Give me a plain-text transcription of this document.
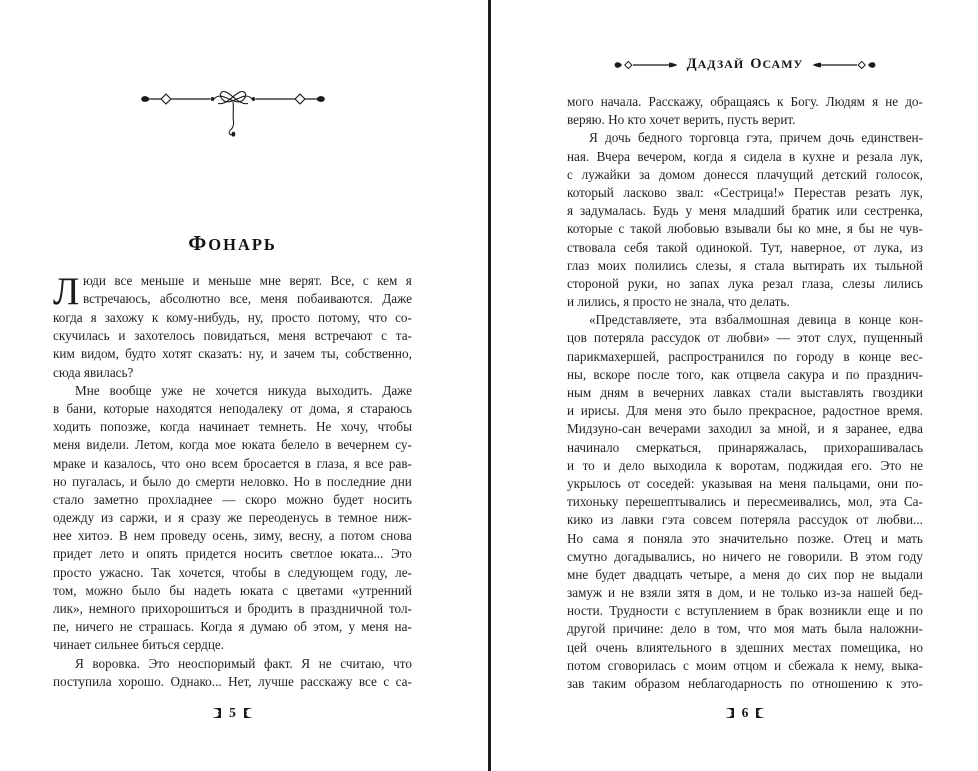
ФОНАРЬ
Л юди все меньше и меньше мне верят. Все, с кем я
встречаюсь, абсолютно все, меня побаиваются. Даже
когда я захожу к кому-нибудь, ну, просто потому, что со-
скучилась и захотелось повидаться, меня встречают с та-
ким видом, будто хотят сказать: ну, и зачем ты, собственно,
сюда явилась?
Мне вообще уже не хочется никуда выходить. Даже
в бани, которые находятся неподалеку от дома, я стараюсь
ходить попозже, когда начинает темнеть. Не хочу, чтобы
меня видели. Летом, когда мое юката белело в вечернем су-
мраке и казалось, что оно всем бросается в глаза, я все рав-
но пугалась, и было до смерти неловко. Но в последние дни
стало заметно прохладнее — скоро можно будет носить
одежду из саржи, и я сразу же переоденусь в темное ниж-
нее хитоэ. В нем проведу осень, зиму, весну, а потом снова
придет лето и опять придется носить светлое юката... Это
просто ужасно. Так хочется, чтобы в следующем году, ле-
том, можно было бы надеть юката с цветами «утренний
лик», немного прихорошиться и бродить в праздничной тол-
пе, ничего не страшась. Когда я думаю об этом, у меня на-
чинает сильнее биться сердце.
Я воровка. Это неоспоримый факт. Я не считаю, что
поступила хорошо. Однако... Нет, лучше расскажу все с са-
5
ДАДЗАЙ ОСАМУ
мого начала. Расскажу, обращаясь к Богу. Людям я не до-
веряю. Но кто хочет верить, пусть верит.
Я дочь бедного торговца гэта, причем дочь единствен-
ная. Вчера вечером, когда я сидела в кухне и резала лук,
с лужайки за домом донесся плачущий детский голосок,
который ласково звал: «Сестрица!» Перестав резать лук,
я задумалась. Будь у меня младший братик или сестренка,
которые с такой любовью взывали бы ко мне, я бы не чув-
ствовала себя такой одинокой. Тут, наверное, от лука, из
глаз моих полились слезы, я стала вытирать их тыльной
стороной руки, но запах лука резал глаза, слезы лились
и лились, я просто не знала, что делать.
«Представляете, эта взбалмошная девица в конце кон-
цов потеряла рассудок от любви» — этот слух, пущенный
парикмахершей, распространился по городу в конце вес-
ны, вскоре после того, как отцвела сакура и по празднич-
ным дням в вечерних лавках стали выставлять гвоздики
и ирисы. Для меня это было прекрасное, радостное время.
Мидзуно-сан вечерами заходил за мной, и я заранее, едва
начинало смеркаться, принаряжалась, прихорашивалась
и то и дело выходила к воротам, поджидая его. Это не
укрылось от соседей: указывая на меня пальцами, они по-
тихоньку перешептывались и пересмеивались, мол, эта Са-
кико из лавки гэта совсем потеряла рассудок от любви...
Но сама я поняла это значительно позже. Отец и мать
смутно догадывались, но ничего не говорили. В этом году
мне будет двадцать четыре, а меня до сих пор не выдали
замуж и не взяли зятя в дом, и не только из-за нашей бед-
ности. Трудности с вступлением в брак возникли еще и по
другой причине: дело в том, что моя мать была наложни-
цей очень влиятельного в здешних местах помещика, но
потом сговорилась с моим отцом и сбежала к нему, выка-
зав таким образом неблагодарность по отношению к это-
6
